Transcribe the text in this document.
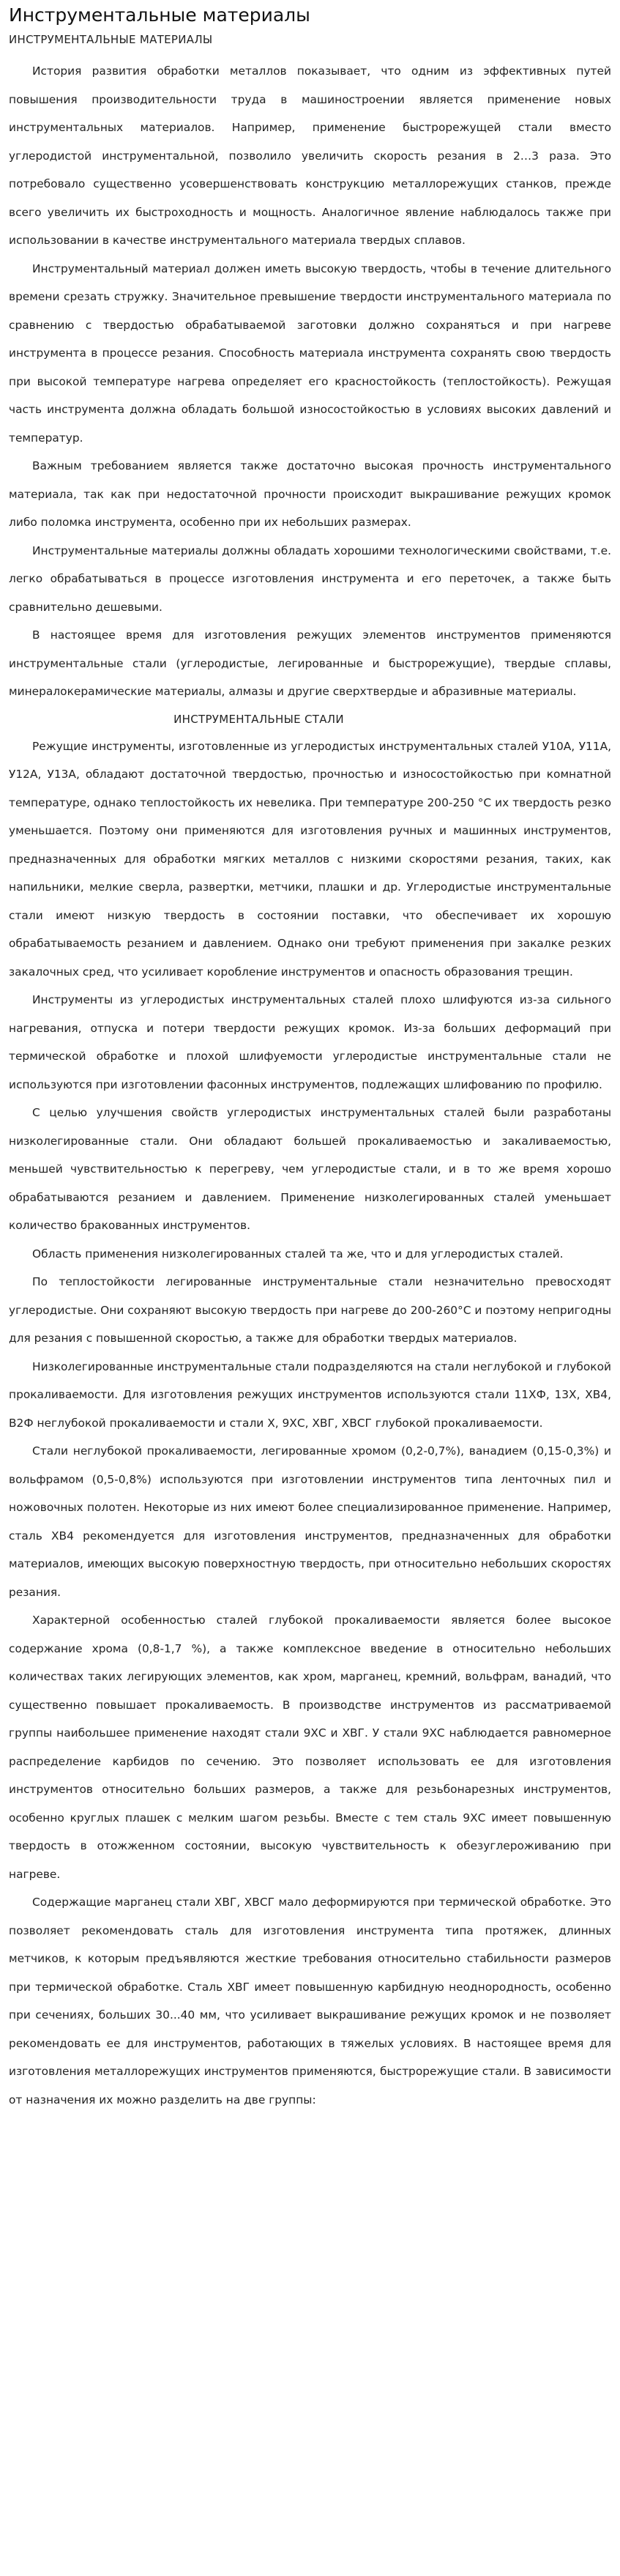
Инструментальные материалы
ИНСТРУМЕНТАЛЬНЫЕ МАТЕРИАЛЫ

История развития обработки металлов показывает, что одним из эффективных путей повышения производительности труда в машиностроении является применение новых инструментальных материалов. Например, применение быстрорежущей стали вместо углеродистой инструментальной, позволило увеличить скорость резания в 2…3 раза. Это потребовало существенно усовершенствовать конструкцию металлорежущих станков, прежде всего увеличить их быстроходность и мощность. Аналогичное явление наблюдалось также при использовании в качестве инструментального материала твердых сплавов.

Инструментальный материал должен иметь высокую твердость, чтобы в течение длительного времени срезать стружку. Значительное превышение твердости инструментального материала по сравнению с твердостью обрабатываемой заготовки должно сохраняться и при нагреве инструмента в процессе резания. Способность материала инструмента сохранять свою твердость при высокой температуре нагрева определяет его красностойкость (теплостойкость). Режущая часть инструмента должна обладать большой износостойкостью в условиях высоких давлений и температур.

Важным требованием является также достаточно высокая прочность инструментального материала, так как при недостаточной прочности происходит выкрашивание режущих кромок либо поломка инструмента, особенно при их небольших размерах.

Инструментальные материалы должны обладать хорошими технологическими свойствами, т.е. легко обрабатываться в процессе изготовления инструмента и его переточек, а также быть сравнительно дешевыми.

В настоящее время для изготовления режущих элементов инструментов применяются инструментальные стали (углеродистые, легированные и быстрорежущие), твердые сплавы, минералокерамические материалы, алмазы и другие сверхтвердые и абразивные материалы.

ИНСТРУМЕНТАЛЬНЫЕ СТАЛИ

Режущие инструменты, изготовленные из углеродистых инструментальных сталей У10А, У11А, У12А, У13А, обладают достаточной твердостью, прочностью и износостойкостью при комнатной температуре, однако теплостойкость их невелика. При температуре 200-250 °С их твердость резко уменьшается. Поэтому они применяются для изготовления ручных и машинных инструментов, предназначенных для обработки мягких металлов с низкими скоростями резания, таких, как напильники, мелкие сверла, развертки, метчики, плашки и др. Углеродистые инструментальные стали имеют низкую твердость в состоянии поставки, что обеспечивает их хорошую обрабатываемость резанием и давлением. Однако они требуют применения при закалке резких закалочных сред, что усиливает коробление инструментов и опасность образования трещин.

Инструменты из углеродистых инструментальных сталей плохо шлифуются из-за сильного нагревания, отпуска и потери твердости режущих кромок. Из-за больших деформаций при термической обработке и плохой шлифуемости углеродистые инструментальные стали не используются при изготовлении фасонных инструментов, подлежащих шлифованию по профилю.

С целью улучшения свойств углеродистых инструментальных сталей были разработаны низколегированные стали. Они обладают большей прокаливаемостью и закаливаемостью, меньшей чувствительностью к перегреву, чем углеродистые стали, и в то же время хорошо обрабатываются резанием и давлением. Применение низколегированных сталей уменьшает количество бракованных инструментов.

Область применения низколегированных сталей та же, что и для углеродистых сталей.

По теплостойкости легированные инструментальные стали незначительно превосходят углеродистые. Они сохраняют высокую твердость при нагреве до 200-260°С и поэтому непригодны для резания с повышенной скоростью, а также для обработки твердых материалов.

Низколегированные инструментальные стали подразделяются на стали неглубокой и глубокой прокаливаемости. Для изготовления режущих инструментов используются стали 11ХФ, 13Х, ХВ4, В2Ф неглубокой прокаливаемости и стали Х, 9ХС, ХВГ, ХВСГ глубокой прокаливаемости.

Стали неглубокой прокаливаемости, легированные хромом (0,2-0,7%), ванадием (0,15-0,3%) и вольфрамом (0,5-0,8%) используются при изготовлении инструментов типа ленточных пил и ножовочных полотен. Некоторые из них имеют более специализированное применение. Например, сталь ХВ4 рекомендуется для изготовления инструментов, предназначенных для обработки материалов, имеющих высокую поверхностную твердость, при относительно небольших скоростях резания.

Характерной особенностью сталей глубокой прокаливаемости является более высокое содержание хрома (0,8-1,7 %), а также комплексное введение в относительно небольших количествах таких легирующих элементов, как хром, марганец, кремний, вольфрам, ванадий, что существенно повышает прокаливаемость. В производстве инструментов из рассматриваемой группы наибольшее применение находят стали 9ХС и ХВГ. У стали 9ХС наблюдается равномерное распределение карбидов по сечению. Это позволяет использовать ее для изготовления инструментов относительно больших размеров, а также для резьбонарезных инструментов, особенно круглых плашек с мелким шагом резьбы. Вместе с тем сталь 9ХС имеет повышенную твердость в отожженном состоянии, высокую чувствительность к обезуглероживанию при нагреве.

Содержащие марганец стали ХВГ, ХВСГ мало деформируются при термической обработке. Это позволяет рекомендовать сталь для изготовления инструмента типа протяжек, длинных метчиков, к которым предъявляются жесткие требования относительно стабильности размеров при термической обработке. Сталь ХВГ имеет повышенную карбидную неоднородность, особенно при сечениях, больших 30...40 мм, что усиливает выкрашивание режущих кромок и не позволяет рекомендовать ее для инструментов, работающих в тяжелых условиях. В настоящее время для изготовления металлорежущих инструментов применяются, быстрорежущие стали. В зависимости от назначения их можно разделить на две группы:
